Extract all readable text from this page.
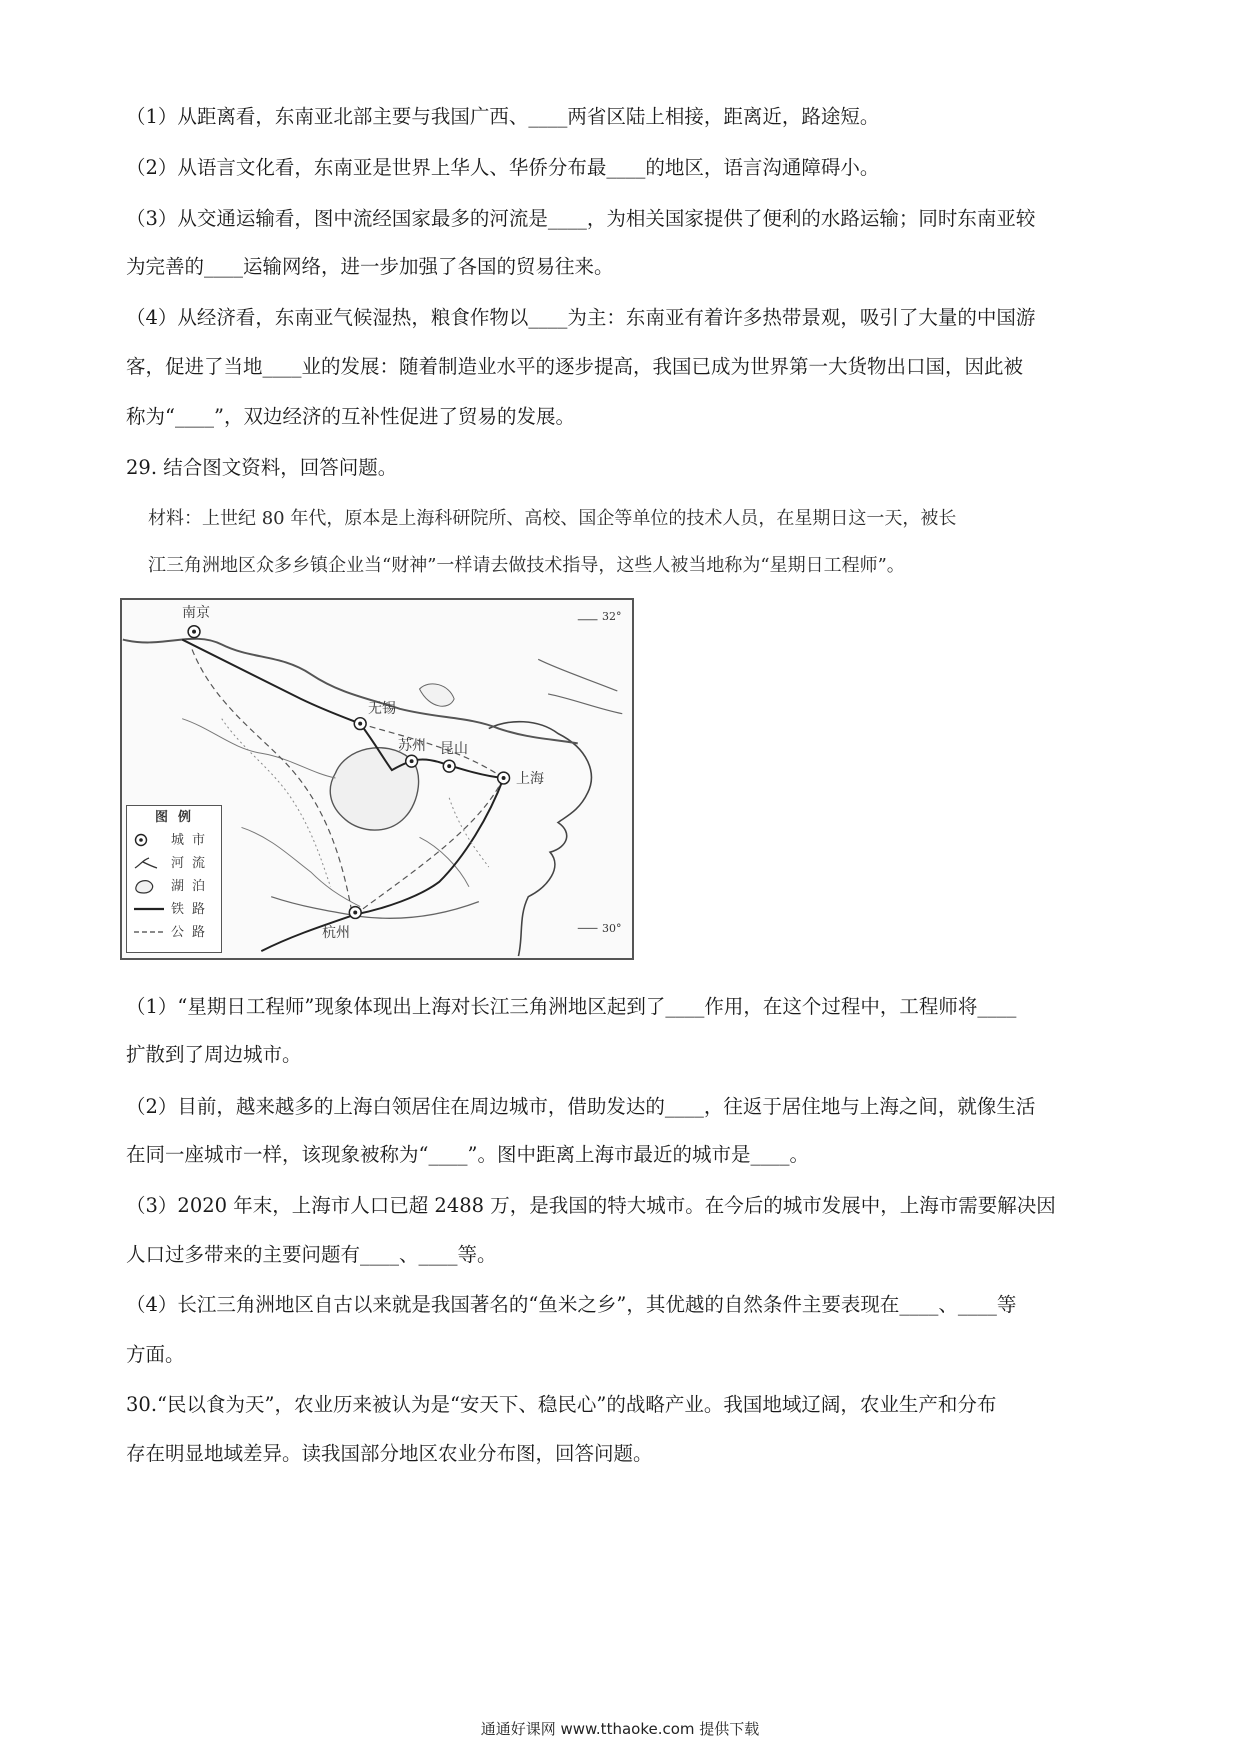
（1）从距离看，东南亚北部主要与我国广西、____两省区陆上相接，距离近，路途短。
（2）从语言文化看，东南亚是世界上华人、华侨分布最____的地区，语言沟通障碍小。
（3）从交通运输看，图中流经国家最多的河流是____，为相关国家提供了便利的水路运输；同时东南亚较
为完善的____运输网络，进一步加强了各国的贸易往来。
（4）从经济看，东南亚气候湿热，粮食作物以____为主：东南亚有着许多热带景观，吸引了大量的中国游
客，促进了当地____业的发展：随着制造业水平的逐步提高，我国已成为世界第一大货物出口国，因此被
称为“____”，双边经济的互补性促进了贸易的发展。
29. 结合图文资料，回答问题。
材料：上世纪 80 年代，原本是上海科研院所、高校、国企等单位的技术人员，在星期日这一天，被长
江三角洲地区众多乡镇企业当“财神”一样请去做技术指导，这些人被当地称为“星期日工程师”。
南京
无锡
苏州 昆山
上海
杭州
32°
30°
图例
城市
河流
湖泊
铁路
公路
（1）“星期日工程师”现象体现出上海对长江三角洲地区起到了____作用，在这个过程中，工程师将____
扩散到了周边城市。
（2）目前，越来越多的上海白领居住在周边城市，借助发达的____，往返于居住地与上海之间，就像生活
在同一座城市一样，该现象被称为“____”。图中距离上海市最近的城市是____。
（3）2020 年末，上海市人口已超 2488 万，是我国的特大城市。在今后的城市发展中，上海市需要解决因
人口过多带来的主要问题有____、____等。
（4）长江三角洲地区自古以来就是我国著名的“鱼米之乡”，其优越的自然条件主要表现在____、____等
方面。
30.“民以食为天”，农业历来被认为是“安天下、稳民心”的战略产业。我国地域辽阔，农业生产和分布
存在明显地域差异。读我国部分地区农业分布图，回答问题。
通通好课网 www.tthaoke.com 提供下载
